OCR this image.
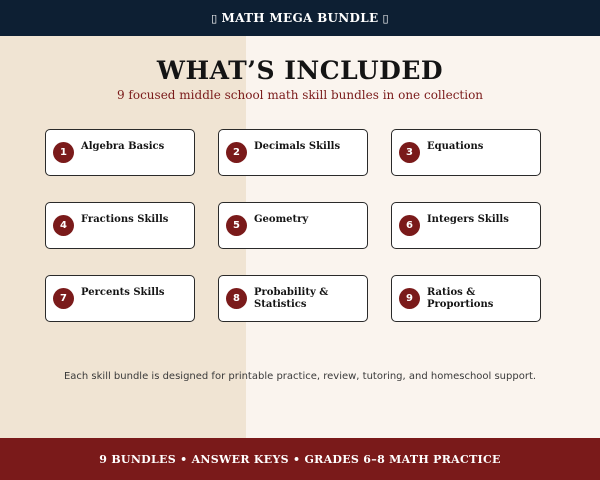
▯ MATH MEGA BUNDLE ▯
WHAT’S INCLUDED

9 focused middle school math skill bundles in one collection

1
Algebra Basics
2
Decimals Skills
3
Equations
4
Fractions Skills
5
Geometry
6
Integers Skills
7
Percents Skills
8
Probability & Statistics
9
Ratios & Proportions

Each skill bundle is designed for printable practice, review, tutoring, and homeschool support.

9 BUNDLES • ANSWER KEYS • GRADES 6–8 MATH PRACTICE
